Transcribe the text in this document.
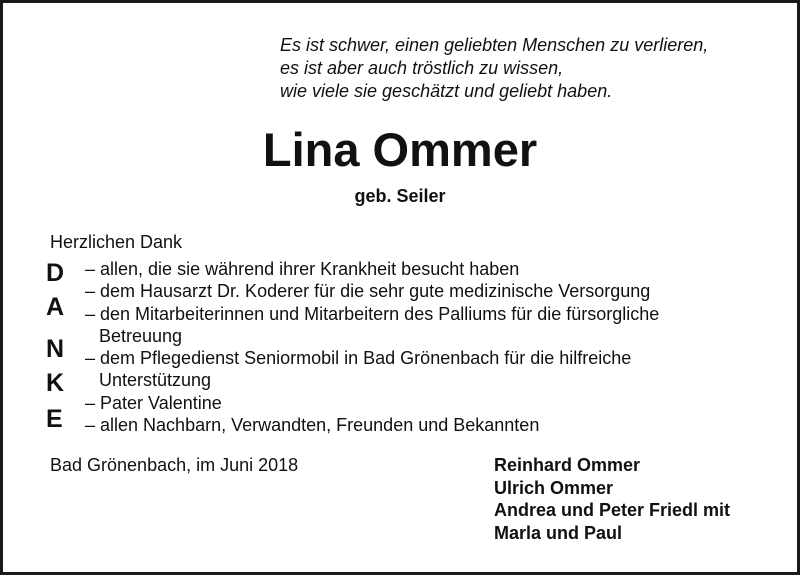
Es ist schwer, einen geliebten Menschen zu verlieren,
es ist aber auch tröstlich zu wissen,
wie viele sie geschätzt und geliebt haben.
Lina Ommer
geb. Seiler
Herzlichen Dank
D
A
N
K
E
– allen, die sie während ihrer Krankheit besucht haben
– dem Hausarzt Dr. Koderer für die sehr gute medizinische Versorgung
– den Mitarbeiterinnen und Mitarbeitern des Palliums für die fürsorgliche
Betreuung
– dem Pflegedienst Seniormobil in Bad Grönenbach für die hilfreiche
Unterstützung
– Pater Valentine
– allen Nachbarn, Verwandten, Freunden und Bekannten
Bad Grönenbach, im Juni 2018	Reinhard Ommer
Ulrich Ommer
Andrea und Peter Friedl mit
Marla und Paul
